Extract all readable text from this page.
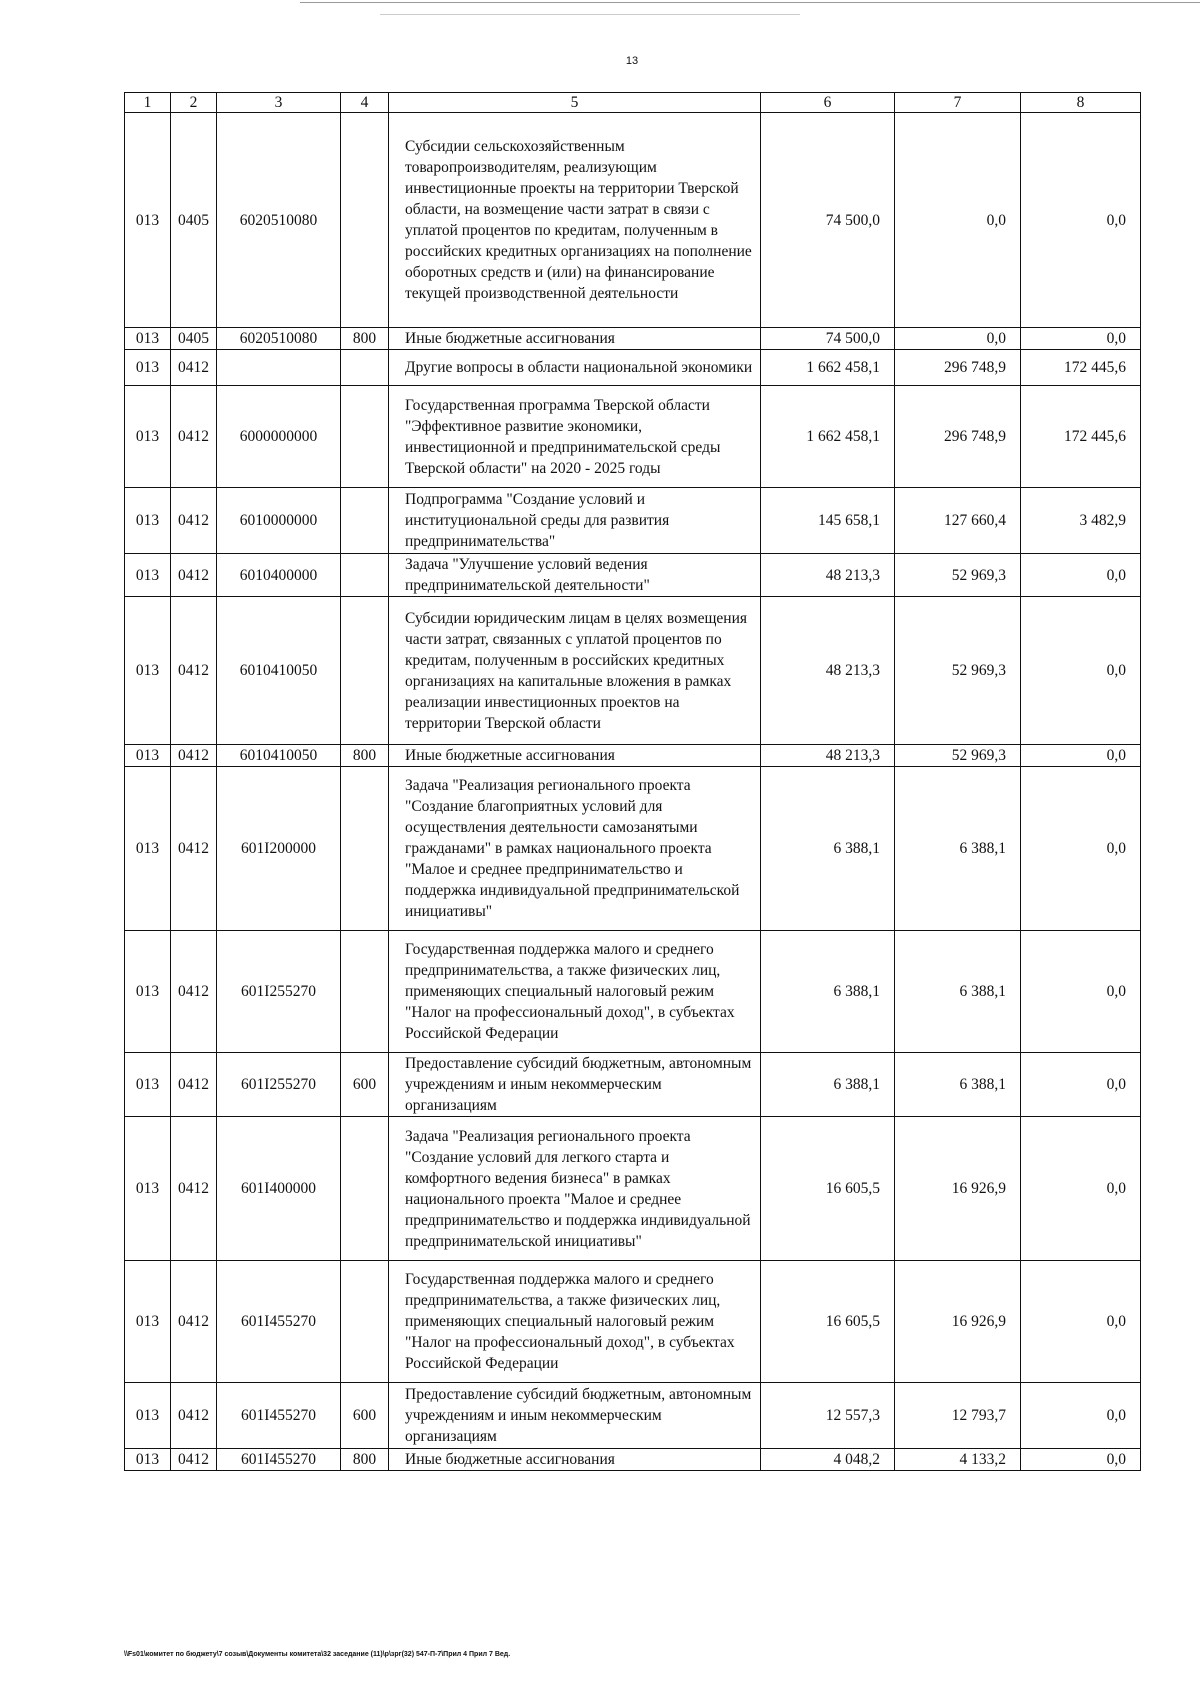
13
1	2	3	4	5	6	7	8
013	0405	6020510080		Субсидии сельскохозяйственным товаропроизводителям, реализующим инвестиционные проекты на территории Тверской области, на возмещение части затрат в связи с уплатой процентов по кредитам, полученным в российских кредитных организациях на пополнение оборотных средств и (или) на финансирование текущей производственной деятельности	74 500,0	0,0	0,0
013	0405	6020510080	800	Иные бюджетные ассигнования	74 500,0	0,0	0,0
013	0412			Другие вопросы в области национальной экономики	1 662 458,1	296 748,9	172 445,6
013	0412	6000000000		Государственная программа Тверской области "Эффективное развитие экономики, инвестиционной и предпринимательской среды Тверской области" на 2020 - 2025 годы	1 662 458,1	296 748,9	172 445,6
013	0412	6010000000		Подпрограмма "Создание условий и институциональной среды для развития предпринимательства"	145 658,1	127 660,4	3 482,9
013	0412	6010400000		Задача "Улучшение условий ведения предпринимательской деятельности"	48 213,3	52 969,3	0,0
013	0412	6010410050		Субсидии юридическим лицам в целях возмещения части затрат, связанных с уплатой процентов по кредитам, полученным в российских кредитных организациях на капитальные вложения в рамках реализации инвестиционных проектов на территории Тверской области	48 213,3	52 969,3	0,0
013	0412	6010410050	800	Иные бюджетные ассигнования	48 213,3	52 969,3	0,0
013	0412	601I200000		Задача "Реализация регионального проекта "Создание благоприятных условий для осуществления деятельности самозанятыми гражданами" в рамках национального проекта "Малое и среднее предпринимательство и поддержка индивидуальной предпринимательской инициативы"	6 388,1	6 388,1	0,0
013	0412	601I255270		Государственная поддержка малого и среднего предпринимательства, а также физических лиц, применяющих специальный налоговый режим "Налог на профессиональный доход", в субъектах Российской Федерации	6 388,1	6 388,1	0,0
013	0412	601I255270	600	Предоставление субсидий бюджетным, автономным учреждениям и иным некоммерческим организациям	6 388,1	6 388,1	0,0
013	0412	601I400000		Задача "Реализация регионального проекта "Создание условий для легкого старта и комфортного ведения бизнеса" в рамках национального проекта "Малое и среднее предпринимательство и поддержка индивидуальной предпринимательской инициативы"	16 605,5	16 926,9	0,0
013	0412	601I455270		Государственная поддержка малого и среднего предпринимательства, а также физических лиц, применяющих специальный налоговый режим "Налог на профессиональный доход", в субъектах Российской Федерации	16 605,5	16 926,9	0,0
013	0412	601I455270	600	Предоставление субсидий бюджетным, автономным учреждениям и иным некоммерческим организациям	12 557,3	12 793,7	0,0
013	0412	601I455270	800	Иные бюджетные ассигнования	4 048,2	4 133,2	0,0
\\Fs01\комитет по бюджету\7 созыв\Документы комитета\32 заседание (11)\р\зрг(32) 547-П-7\Прил 4 Прил 7 Вед.
